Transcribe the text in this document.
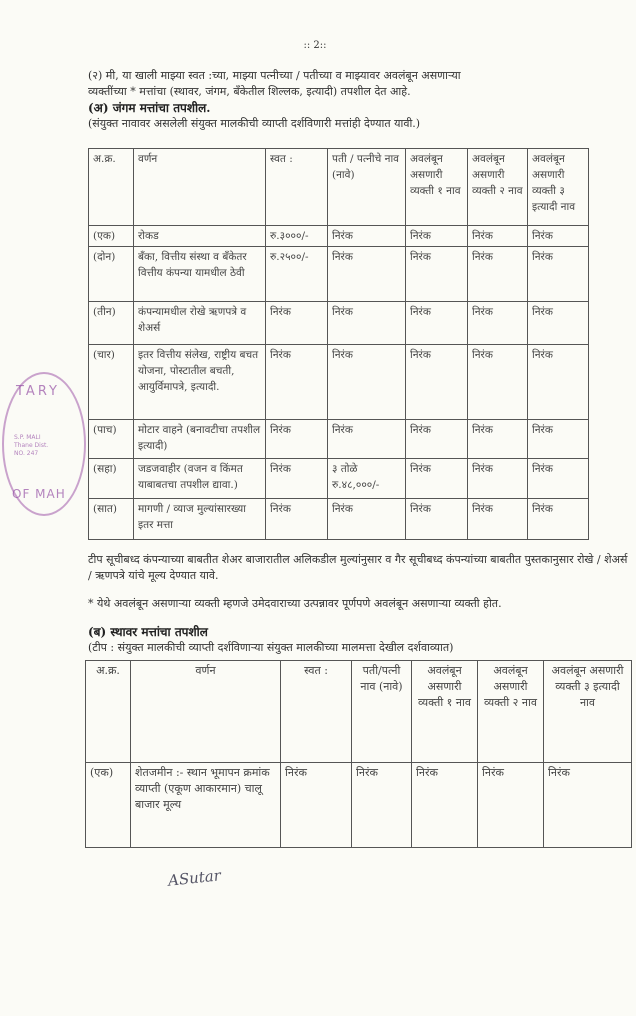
TARY
S.P. MALI
Thane Dist.
NO. 247
OF MAH
:: 2::

(२) मी, या खाली माझ्या स्वत :च्या, माझ्या पत्नीच्या / पतीच्या व माझ्यावर अवलंबून असणाऱ्या

व्यक्तींच्या * मत्तांचा (स्थावर, जंगम, बँकेतील शिल्लक, इत्यादी) तपशील देत आहे.

(अ) जंगम मत्तांचा तपशील.

(संयुक्त नावावर असलेली संयुक्त मालकीची व्याप्ती दर्शविणारी मत्तांही देण्यात यावी.)

अ.क्र.	वर्णन	स्वत :	पती / पत्नीचे नाव (नावे)	अवलंबून असणारी व्यक्ती १ नाव	अवलंबून असणारी व्यक्ती २ नाव	अवलंबून असणारी व्यक्ती ३ इत्यादी नाव
(एक)	रोकड	रु.३०००/-	निरंक	निरंक	निरंक	निरंक
(दोन)	बँका, वित्तीय संस्था व बँकेतर वित्तीय कंपन्या यामधील ठेवी	रु.२५००/-	निरंक	निरंक	निरंक	निरंक
(तीन)	कंपन्यामधील रोखे ऋणपत्रे व शेअर्स	निरंक	निरंक	निरंक	निरंक	निरंक
(चार)	इतर वित्तीय संलेख, राष्ट्रीय बचत योजना, पोस्टातील बचती, आयुर्विमापत्रे, इत्यादी.	निरंक	निरंक	निरंक	निरंक	निरंक
(पाच)	मोटार वाहने (बनावटीचा तपशील इत्यादी)	निरंक	निरंक	निरंक	निरंक	निरंक
(सहा)	जडजवाहीर (वजन व किंमत याबाबतचा तपशील द्यावा.)	निरंक	३ तोळे रु.४८,०००/-	निरंक	निरंक	निरंक
(सात)	मागणी / व्याज मुल्यांसारख्या इतर मत्ता	निरंक	निरंक	निरंक	निरंक	निरंक

टीप सूचीबध्द कंपन्याच्या बाबतीत शेअर बाजारातील अलिकडील मुल्यांनुसार व गैर सूचीबध्द कंपन्यांच्या बाबतीत पुस्तकानुसार रोखे / शेअर्स / ऋणपत्रे यांचे मूल्य देण्यात यावे.

* येथे अवलंबून असणाऱ्या व्यक्ती म्हणजे उमेदवाराच्या उत्पन्नावर पूर्णपणे अवलंबून असणाऱ्या व्यक्ती होत.

(ब) स्थावर मत्तांचा तपशील

(टीप : संयुक्त मालकीची व्याप्ती दर्शविणाऱ्या संयुक्त मालकीच्या मालमत्ता देखील दर्शवाव्यात)

अ.क्र.	वर्णन	स्वत :	पती/पत्नी नाव (नावे)	अवलंबून असणारी व्यक्ती १ नाव	अवलंबून असणारी व्यक्ती २ नाव	अवलंबून असणारी व्यक्ती ३ इत्यादी नाव
(एक)	शेतजमीन :- स्थान भूमापन क्रमांक व्याप्ती (एकूण आकारमान) चालू बाजार मूल्य	निरंक	निरंक	निरंक	निरंक	निरंक
ASutar
